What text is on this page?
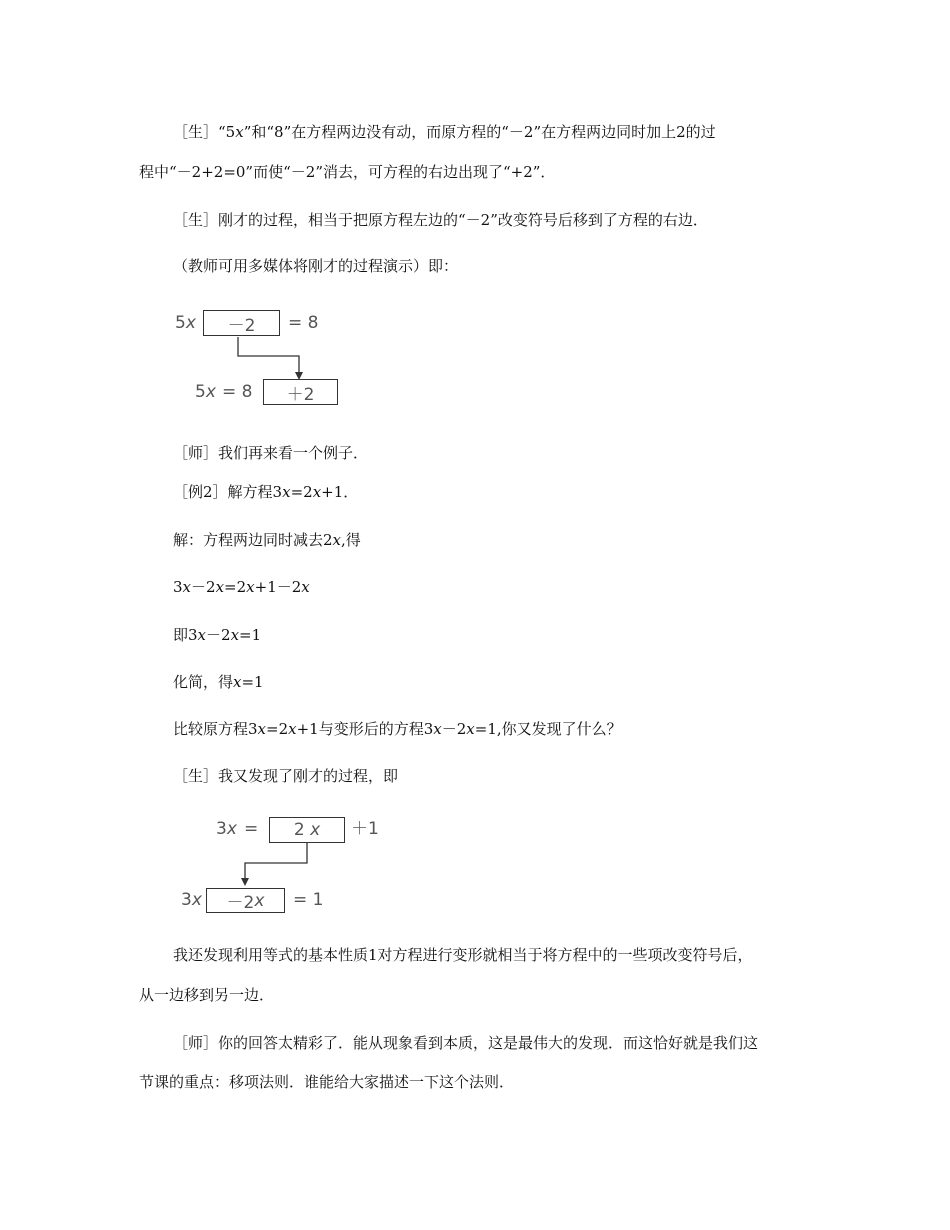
［生］“5x”和“8”在方程两边没有动，而原方程的“－2”在方程两边同时加上2的过
程中“－2+2=0”而使“－2”消去，可方程的右边出现了“+2”．
［生］刚才的过程，相当于把原方程左边的“－2”改变符号后移到了方程的右边．
（教师可用多媒体将刚才的过程演示）即：
5x	－2	= 8
5x = 8	＋2
［师］我们再来看一个例子．
［例2］解方程3x=2x+1．
解：方程两边同时减去2x,得
3x－2x=2x+1－2x
即3x－2x=1
化简，得x=1
比较原方程3x=2x+1与变形后的方程3x－2x=1,你又发现了什么？
［生］我又发现了刚才的过程，即
3x = 2
x ＋1
3x －2 x = 1
我还发现利用等式的基本性质1对方程进行变形就相当于将方程中的一些项改变符号后，
从一边移到另一边．
［师］你的回答太精彩了．能从现象看到本质，这是最伟大的发现．而这恰好就是我们这
节课的重点：移项法则．谁能给大家描述一下这个法则．
